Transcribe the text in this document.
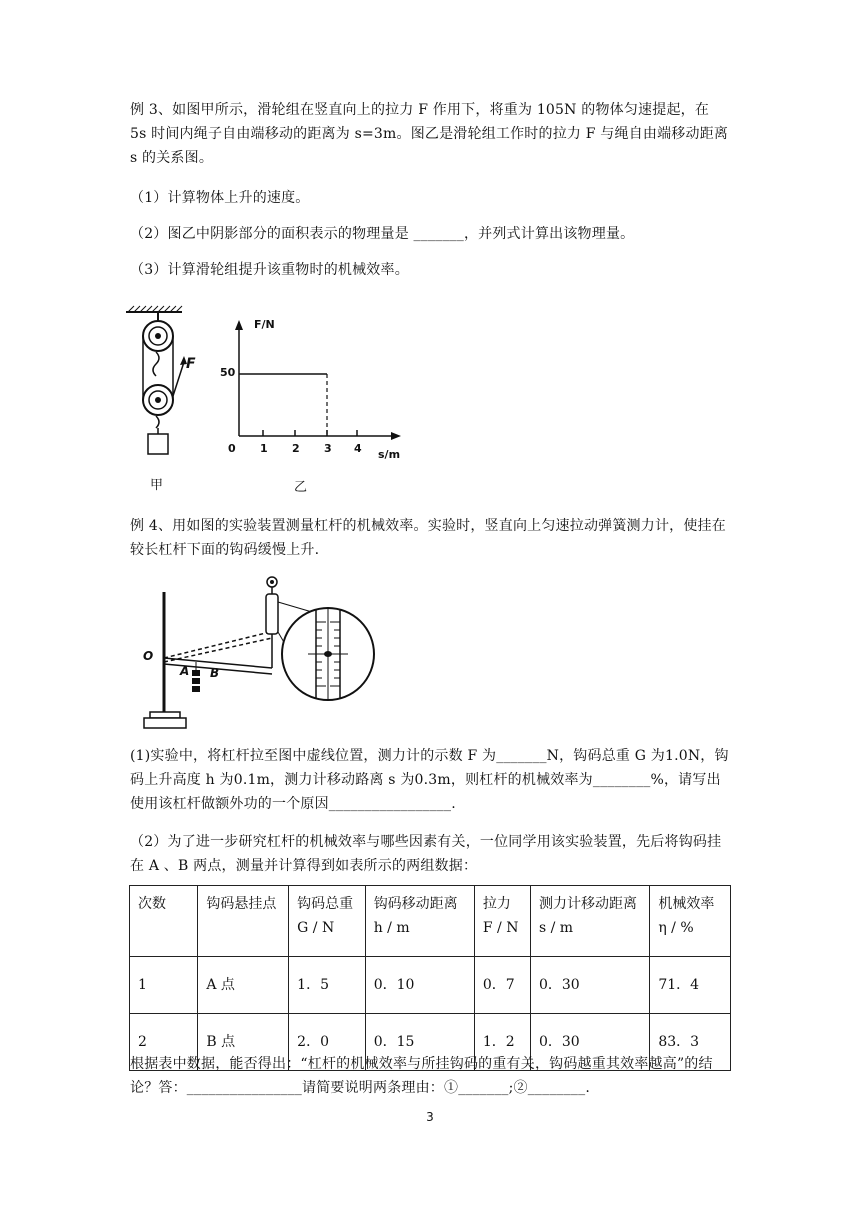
例 3、如图甲所示，滑轮组在竖直向上的拉力 F 作用下，将重为 105N 的物体匀速提起，在 5s 时间内绳子自由端移动的距离为 s=3m。图乙是滑轮组工作时的拉力 F 与绳自由端移动距离 s 的关系图。
（1）计算物体上升的速度。
（2）图乙中阴影部分的面积表示的物理量是 _______，并列式计算出该物理量。
（3）计算滑轮组提升该重物时的机械效率。
F
甲
F/N
50
0 1 2 3 4 s/m
乙
例 4、用如图的实验装置测量杠杆的机械效率。实验时，竖直向上匀速拉动弹簧测力计，使挂在较长杠杆下面的钩码缓慢上升.
O
A B
(1)实验中，将杠杆拉至图中虚线位置，测力计的示数 F 为_______N，钩码总重 G 为1.0N，钩码上升高度 h 为0.1m，测力计移动路离 s 为0.3m，则杠杆的机械效率为________%，请写出使用该杠杆做额外功的一个原因_________________.
（2）为了进一步研究杠杆的机械效率与哪些因素有关，一位同学用该实验装置，先后将钩码挂在 A 、B 两点，测量并计算得到如表所示的两组数据：
次数	钩码悬挂点	钩码总重 G / N	钩码移动距离 h / m	拉力 F / N	测力计移动距离 s / m	机械效率 η / %
1	A 点	1．5	0．10	0．7	0．30	71．4
2	B 点	2．0	0．15	1．2	0．30	83．3
根据表中数据，能否得出：“杠杆的机械效率与所挂钩码的重有关，钩码越重其效率越高”的结论？答：________________请简要说明两条理由：①_______;②________.
3
